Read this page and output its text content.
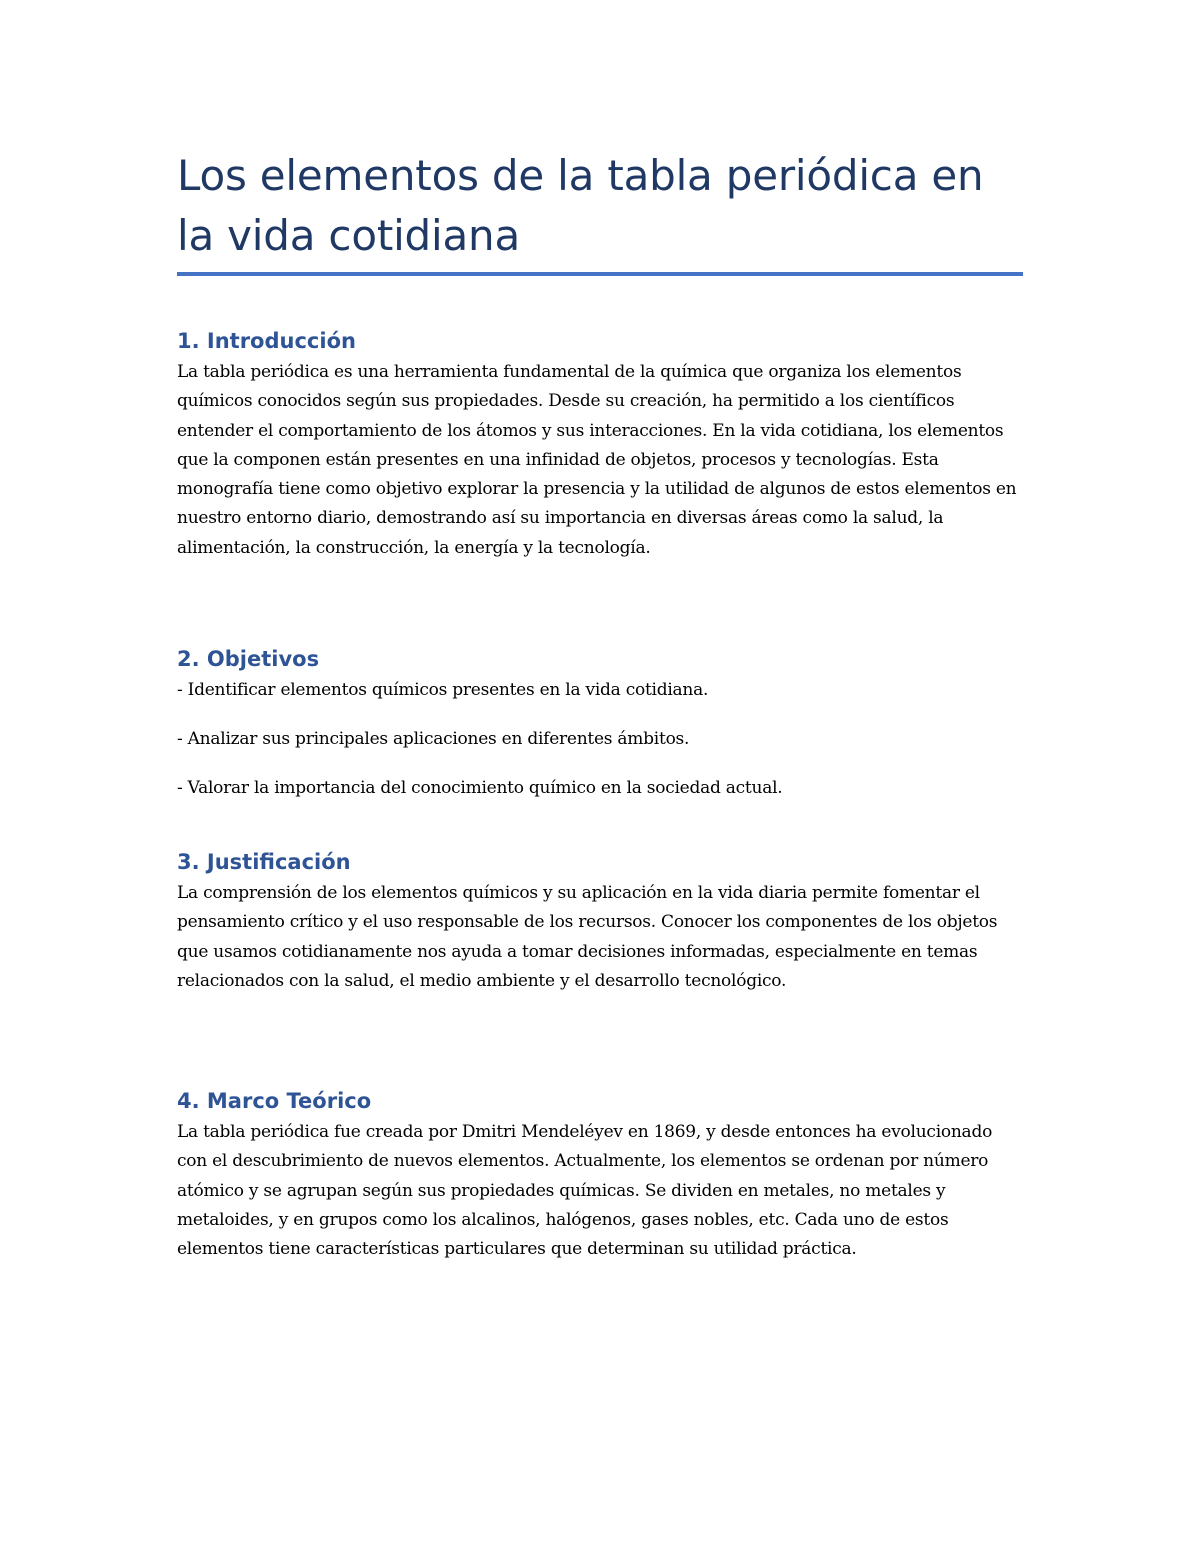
Los elementos de la tabla periódica en la vida cotidiana
1. Introducción

La tabla periódica es una herramienta fundamental de la química que organiza los elementos químicos conocidos según sus propiedades. Desde su creación, ha permitido a los científicos entender el comportamiento de los átomos y sus interacciones. En la vida cotidiana, los elementos que la componen están presentes en una infinidad de objetos, procesos y tecnologías. Esta monografía tiene como objetivo explorar la presencia y la utilidad de algunos de estos elementos en nuestro entorno diario, demostrando así su importancia en diversas áreas como la salud, la alimentación, la construcción, la energía y la tecnología.

2. Objetivos

- Identificar elementos químicos presentes en la vida cotidiana.

- Analizar sus principales aplicaciones en diferentes ámbitos.

- Valorar la importancia del conocimiento químico en la sociedad actual.

3. Justificación

La comprensión de los elementos químicos y su aplicación en la vida diaria permite fomentar el pensamiento crítico y el uso responsable de los recursos. Conocer los componentes de los objetos que usamos cotidianamente nos ayuda a tomar decisiones informadas, especialmente en temas relacionados con la salud, el medio ambiente y el desarrollo tecnológico.

4. Marco Teórico

La tabla periódica fue creada por Dmitri Mendeléyev en 1869, y desde entonces ha evolucionado con el descubrimiento de nuevos elementos. Actualmente, los elementos se ordenan por número atómico y se agrupan según sus propiedades químicas. Se dividen en metales, no metales y metaloides, y en grupos como los alcalinos, halógenos, gases nobles, etc. Cada uno de estos elementos tiene características particulares que determinan su utilidad práctica.
